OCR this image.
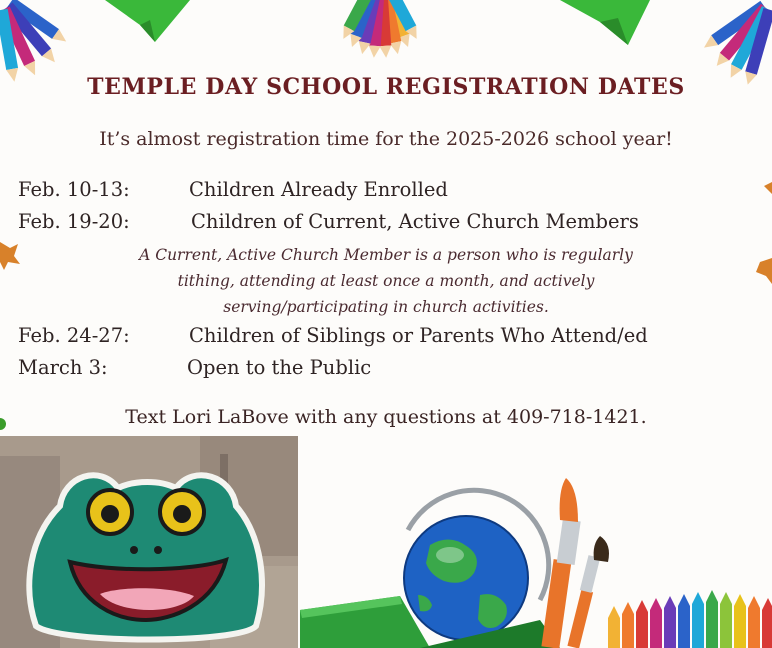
TEMPLE DAY SCHOOL REGISTRATION DATES
It’s almost registration time for the 2025-2026 school year!
Feb. 10-13:	Children Already Enrolled
Feb. 19-20:	Children of Current, Active Church Members
A Current, Active Church Member is a person who is regularly
tithing, attending at least once a month, and actively
serving/participating in church activities.
Feb. 24-27:	Children of Siblings or Parents Who Attend/ed
March 3:	Open to the Public
Text Lori LaBove with any questions at 409-718-1421.
